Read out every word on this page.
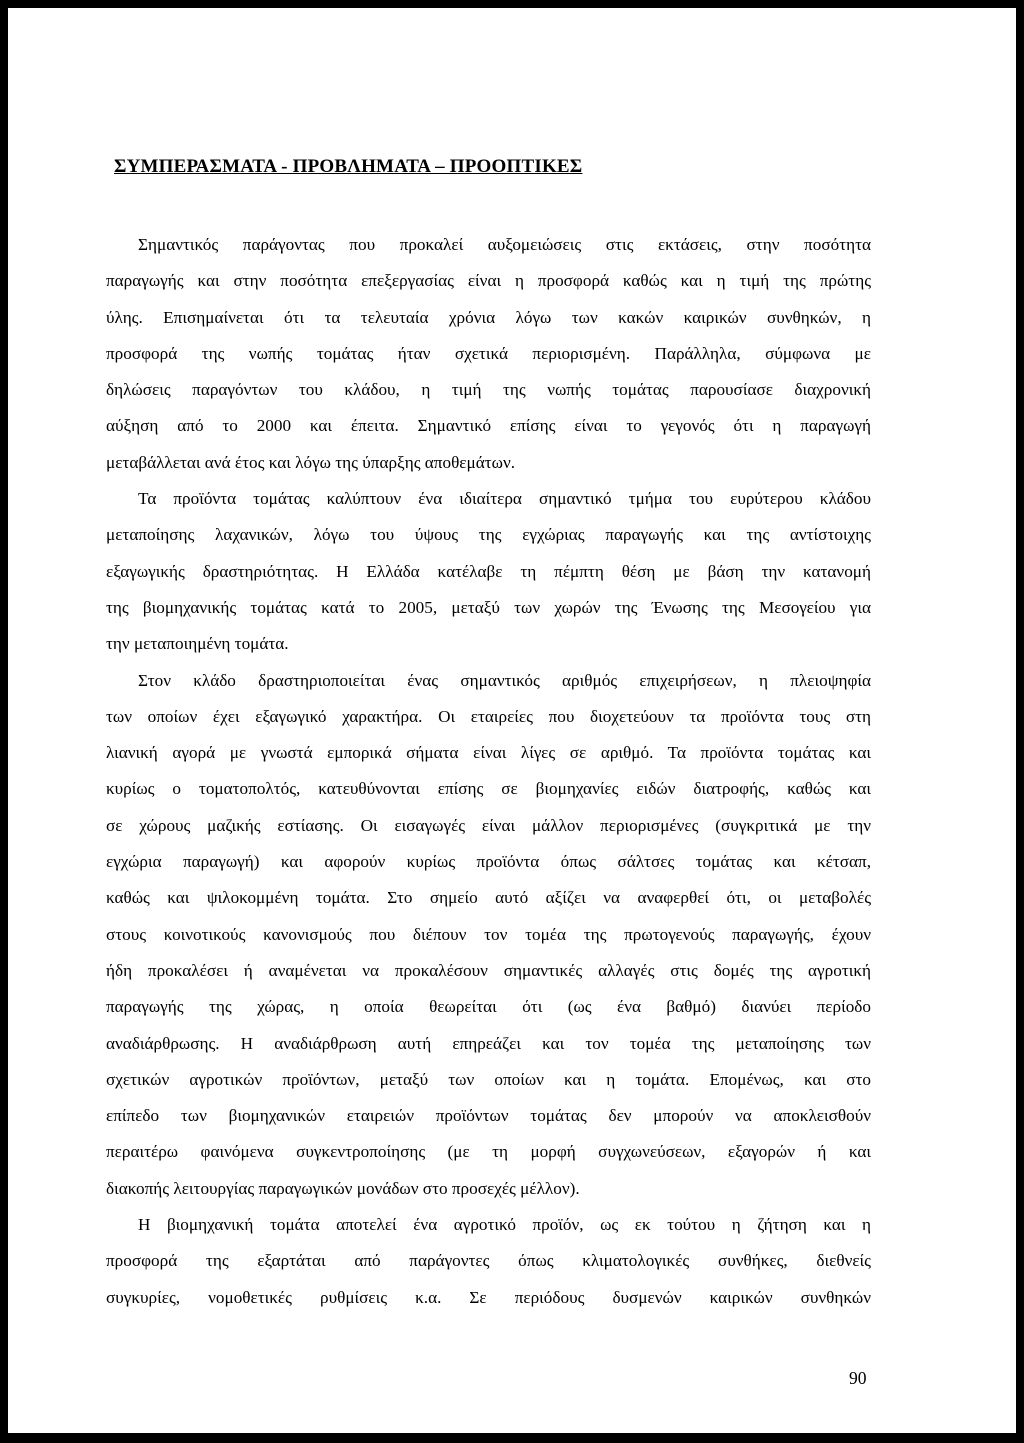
ΣΥΜΠΕΡΑΣΜΑΤΑ - ΠΡΟΒΛΗΜΑΤΑ – ΠΡΟΟΠΤΙΚΕΣ
Σημαντικός παράγοντας που προκαλεί αυξομειώσεις στις εκτάσεις, στην ποσότητα
παραγωγής και στην ποσότητα επεξεργασίας είναι η προσφορά καθώς και η τιμή της πρώτης
ύλης. Επισημαίνεται ότι τα τελευταία χρόνια λόγω των κακών καιρικών συνθηκών, η
προσφορά της νωπής τομάτας ήταν σχετικά περιορισμένη. Παράλληλα, σύμφωνα με
δηλώσεις παραγόντων του κλάδου, η τιμή της νωπής τομάτας παρουσίασε διαχρονική
αύξηση από το 2000 και έπειτα. Σημαντικό επίσης είναι το γεγονός ότι η παραγωγή
μεταβάλλεται ανά έτος και λόγω της ύπαρξης αποθεμάτων.
Τα προϊόντα τομάτας καλύπτουν ένα ιδιαίτερα σημαντικό τμήμα του ευρύτερου κλάδου
μεταποίησης λαχανικών, λόγω του ύψους της εγχώριας παραγωγής και της αντίστοιχης
εξαγωγικής δραστηριότητας. Η Ελλάδα κατέλαβε τη πέμπτη θέση με βάση την κατανομή
της βιομηχανικής τομάτας κατά το 2005, μεταξύ των χωρών της Ένωσης της Μεσογείου για
την μεταποιημένη τομάτα.
Στον κλάδο δραστηριοποιείται ένας σημαντικός αριθμός επιχειρήσεων, η πλειοψηφία
των οποίων έχει εξαγωγικό χαρακτήρα. Οι εταιρείες που διοχετεύουν τα προϊόντα τους στη
λιανική αγορά με γνωστά εμπορικά σήματα είναι λίγες σε αριθμό. Τα προϊόντα τομάτας και
κυρίως ο τοματοπολτός, κατευθύνονται επίσης σε βιομηχανίες ειδών διατροφής, καθώς και
σε χώρους μαζικής εστίασης. Οι εισαγωγές είναι μάλλον περιορισμένες (συγκριτικά με την
εγχώρια παραγωγή) και αφορούν κυρίως προϊόντα όπως σάλτσες τομάτας και κέτσαπ,
καθώς και ψιλοκομμένη τομάτα. Στο σημείο αυτό αξίζει να αναφερθεί ότι, οι μεταβολές
στους κοινοτικούς κανονισμούς που διέπουν τον τομέα της πρωτογενούς παραγωγής, έχουν
ήδη προκαλέσει ή αναμένεται να προκαλέσουν σημαντικές αλλαγές στις δομές της αγροτική
παραγωγής της χώρας, η οποία θεωρείται ότι (ως ένα βαθμό) διανύει περίοδο
αναδιάρθρωσης. Η αναδιάρθρωση αυτή επηρεάζει και τον τομέα της μεταποίησης των
σχετικών αγροτικών προϊόντων, μεταξύ των οποίων και η τομάτα. Επομένως, και στο
επίπεδο των βιομηχανικών εταιρειών προϊόντων τομάτας δεν μπορούν να αποκλεισθούν
περαιτέρω φαινόμενα συγκεντροποίησης (με τη μορφή συγχωνεύσεων, εξαγορών ή και
διακοπής λειτουργίας παραγωγικών μονάδων στο προσεχές μέλλον).
Η βιομηχανική τομάτα αποτελεί ένα αγροτικό προϊόν, ως εκ τούτου η ζήτηση και η
προσφορά της εξαρτάται από παράγοντες όπως κλιματολογικές συνθήκες, διεθνείς
συγκυρίες, νομοθετικές ρυθμίσεις κ.α. Σε περιόδους δυσμενών καιρικών συνθηκών
90
